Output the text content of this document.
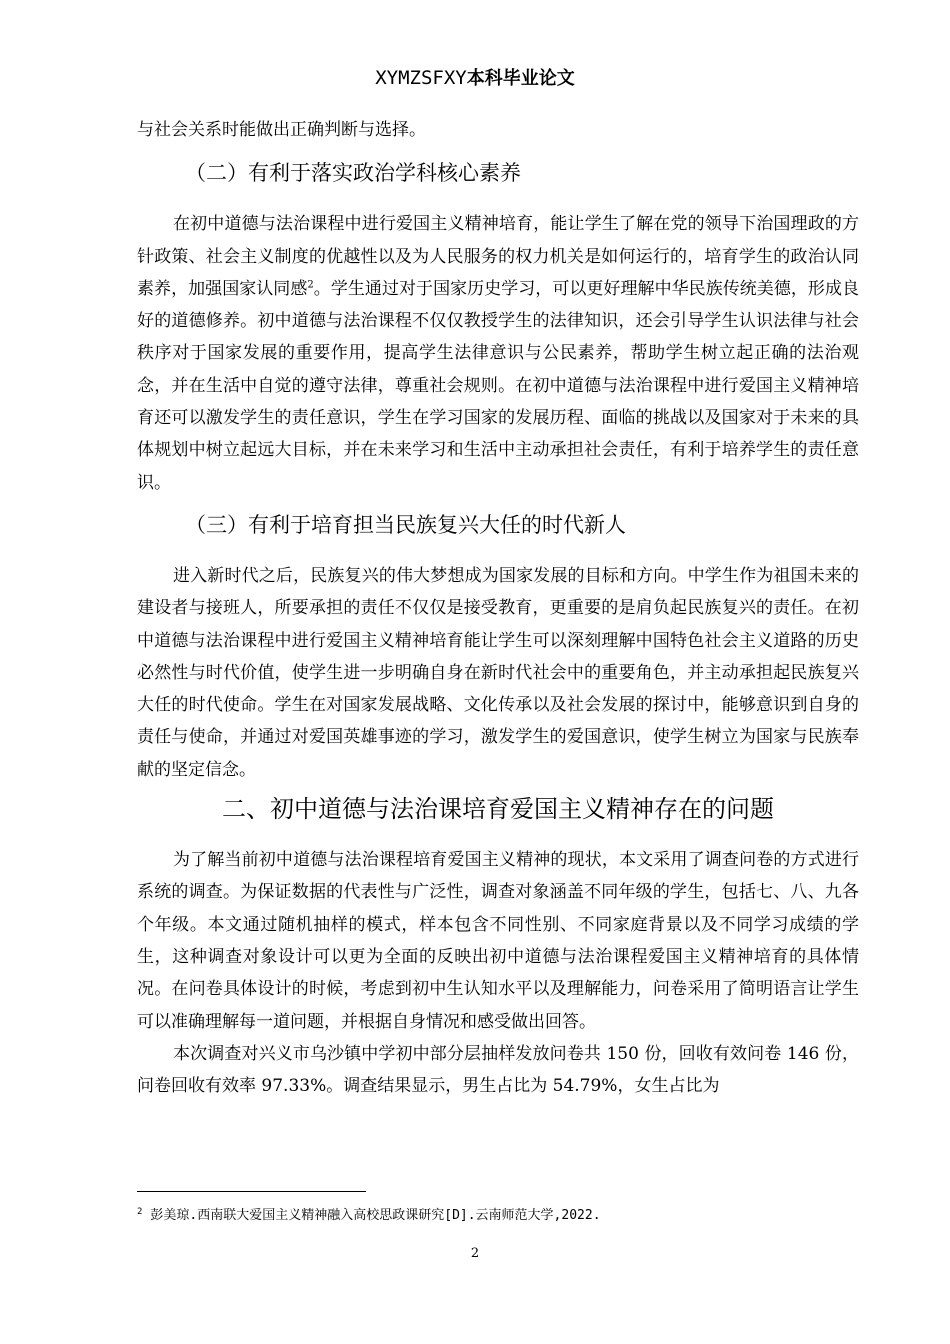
XYMZSFXY本科毕业论文

与社会关系时能做出正确判断与选择。

（二）有利于落实政治学科核心素养

在初中道德与法治课程中进行爱国主义精神培育，能让学生了解在党的领导下治国理政的方针政策、社会主义制度的优越性以及为人民服务的权力机关是如何运行的，培育学生的政治认同素养，加强国家认同感$^2$。学生通过对于国家历史学习，可以更好理解中华民族传统美德，形成良好的道德修养。初中道德与法治课程不仅仅教授学生的法律知识，还会引导学生认识法律与社会秩序对于国家发展的重要作用，提高学生法律意识与公民素养，帮助学生树立起正确的法治观念，并在生活中自觉的遵守法律，尊重社会规则。在初中道德与法治课程中进行爱国主义精神培育还可以激发学生的责任意识，学生在学习国家的发展历程、面临的挑战以及国家对于未来的具体规划中树立起远大目标，并在未来学习和生活中主动承担社会责任，有利于培养学生的责任意识。

（三）有利于培育担当民族复兴大任的时代新人

进入新时代之后，民族复兴的伟大梦想成为国家发展的目标和方向。中学生作为祖国未来的建设者与接班人，所要承担的责任不仅仅是接受教育，更重要的是肩负起民族复兴的责任。在初中道德与法治课程中进行爱国主义精神培育能让学生可以深刻理解中国特色社会主义道路的历史必然性与时代价值，使学生进一步明确自身在新时代社会中的重要角色，并主动承担起民族复兴大任的时代使命。学生在对国家发展战略、文化传承以及社会发展的探讨中，能够意识到自身的责任与使命，并通过对爱国英雄事迹的学习，激发学生的爱国意识，使学生树立为国家与民族奉献的坚定信念。

二、初中道德与法治课培育爱国主义精神存在的问题

为了解当前初中道德与法治课程培育爱国主义精神的现状，本文采用了调查问卷的方式进行系统的调查。为保证数据的代表性与广泛性，调查对象涵盖不同年级的学生，包括七、八、九各个年级。本文通过随机抽样的模式，样本包含不同性别、不同家庭背景以及不同学习成绩的学生，这种调查对象设计可以更为全面的反映出初中道德与法治课程爱国主义精神培育的具体情况。在问卷具体设计的时候，考虑到初中生认知水平以及理解能力，问卷采用了简明语言让学生可以准确理解每一道问题，并根据自身情况和感受做出回答。

本次调查对兴义市乌沙镇中学初中部分层抽样发放问卷共 150 份，回收有效问卷 146 份，问卷回收有效率 97.33%。调查结果显示，男生占比为 54.79%，女生占比为

$^2$ 彭美琼.西南联大爱国主义精神融入高校思政课研究[D].云南师范大学,2022.
2
